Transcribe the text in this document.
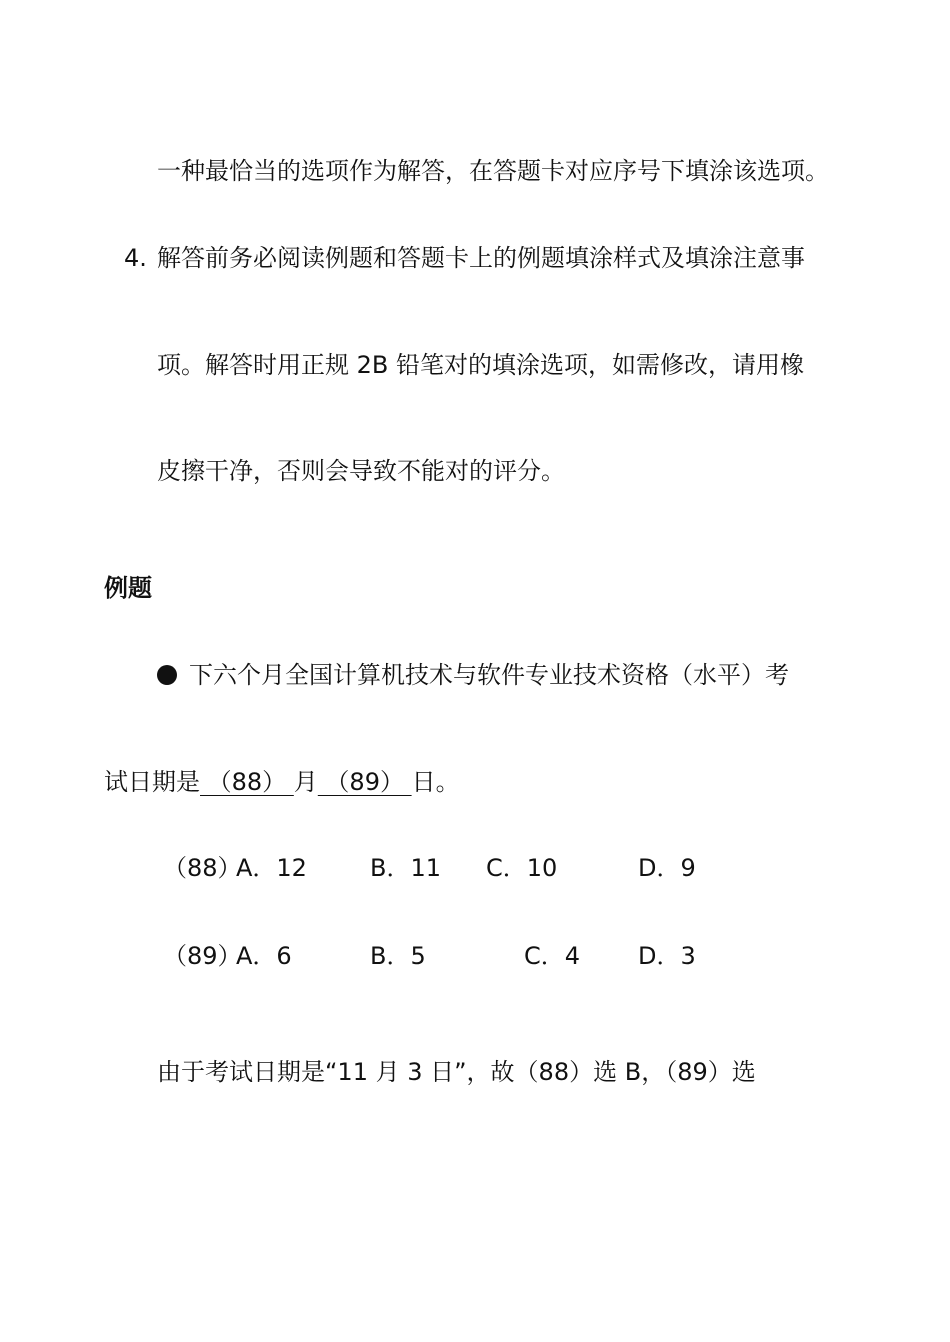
一种最恰当的选项作为解答，在答题卡对应序号下填涂该选项。
4. 解答前务必阅读例题和答题卡上的例题填涂样式及填涂注意事
项。解答时用正规 2B 铅笔对的填涂选项，如需修改，请用橡
皮擦干净，否则会导致不能对的评分。
例题
下六个月全国计算机技术与软件专业技术资格（水平）考
试日期是 （88） 月 （89） 日。
（88）
A．12	B．11 C．10	D．9
（89）
A．6	B．5	C．4 D．3
由于考试日期是“11 月 3 日”，故（88）选 B，（89）选
